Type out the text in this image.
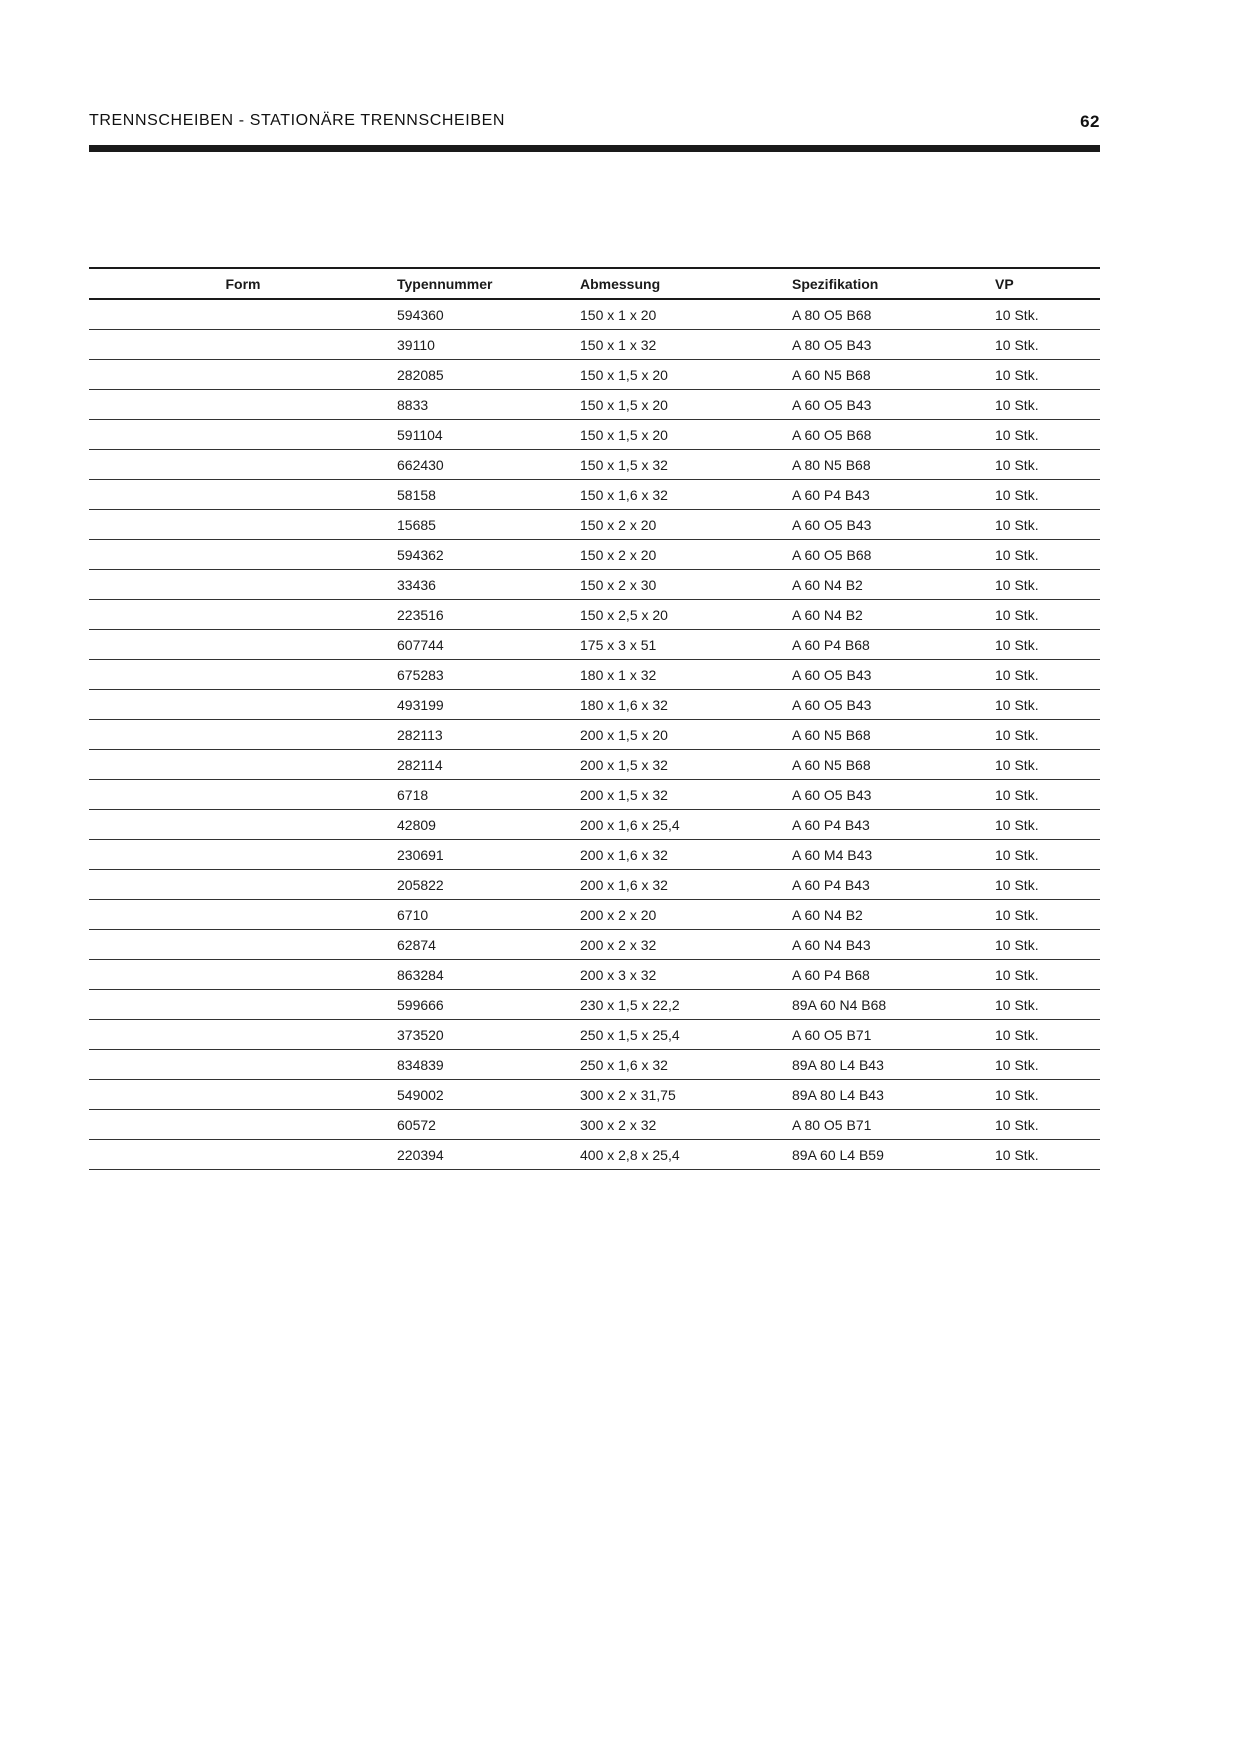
TRENNSCHEIBEN - STATIONÄRE TRENNSCHEIBEN	62
Form	Typennummer	Abmessung	Spezifikation	VP
	594360	150 x 1 x 20	A 80 O5 B68	10 Stk.
	39110	150 x 1 x 32	A 80 O5 B43	10 Stk.
	282085	150 x 1,5 x 20	A 60 N5 B68	10 Stk.
	8833	150 x 1,5 x 20	A 60 O5 B43	10 Stk.
	591104	150 x 1,5 x 20	A 60 O5 B68	10 Stk.
	662430	150 x 1,5 x 32	A 80 N5 B68	10 Stk.
	58158	150 x 1,6 x 32	A 60 P4 B43	10 Stk.
	15685	150 x 2 x 20	A 60 O5 B43	10 Stk.
	594362	150 x 2 x 20	A 60 O5 B68	10 Stk.
	33436	150 x 2 x 30	A 60 N4 B2	10 Stk.
	223516	150 x 2,5 x 20	A 60 N4 B2	10 Stk.
	607744	175 x 3 x 51	A 60 P4 B68	10 Stk.
	675283	180 x 1 x 32	A 60 O5 B43	10 Stk.
	493199	180 x 1,6 x 32	A 60 O5 B43	10 Stk.
	282113	200 x 1,5 x 20	A 60 N5 B68	10 Stk.
	282114	200 x 1,5 x 32	A 60 N5 B68	10 Stk.
	6718	200 x 1,5 x 32	A 60 O5 B43	10 Stk.
	42809	200 x 1,6 x 25,4	A 60 P4 B43	10 Stk.
	230691	200 x 1,6 x 32	A 60 M4 B43	10 Stk.
	205822	200 x 1,6 x 32	A 60 P4 B43	10 Stk.
	6710	200 x 2 x 20	A 60 N4 B2	10 Stk.
	62874	200 x 2 x 32	A 60 N4 B43	10 Stk.
	863284	200 x 3 x 32	A 60 P4 B68	10 Stk.
	599666	230 x 1,5 x 22,2	89A 60 N4 B68	10 Stk.
	373520	250 x 1,5 x 25,4	A 60 O5 B71	10 Stk.
	834839	250 x 1,6 x 32	89A 80 L4 B43	10 Stk.
	549002	300 x 2 x 31,75	89A 80 L4 B43	10 Stk.
	60572	300 x 2 x 32	A 80 O5 B71	10 Stk.
	220394	400 x 2,8 x 25,4	89A 60 L4 B59	10 Stk.
